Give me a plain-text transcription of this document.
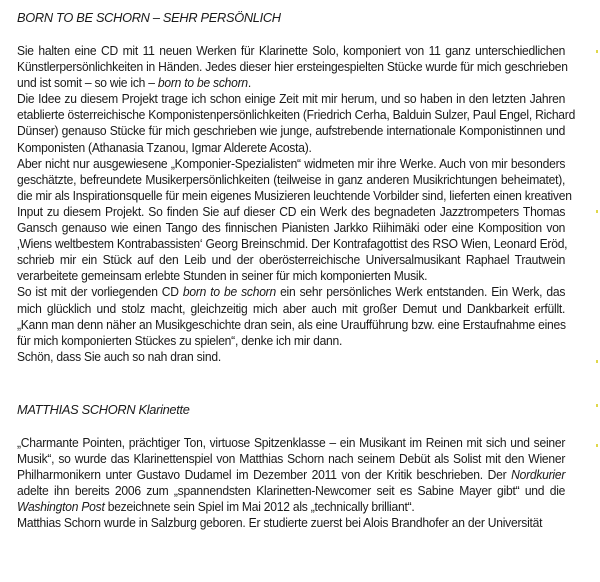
BORN TO BE SCHORN – SEHR PERSÖNLICH
Sie halten eine CD mit 11 neuen Werken für Klarinette Solo, komponiert von 11 ganz unterschiedlichen
Künstlerpersönlichkeiten in Händen. Jedes dieser hier ersteingespielten Stücke wurde für mich geschrieben
und ist somit – so wie ich – born to be schorn.
Die Idee zu diesem Projekt trage ich schon einige Zeit mit mir herum, und so haben in den letzten Jahren
etablierte österreichische Komponistenpersönlichkeiten (Friedrich Cerha, Balduin Sulzer, Paul Engel, Richard
Dünser) genauso Stücke für mich geschrieben wie junge, aufstrebende internationale Komponistinnen und
Komponisten (Athanasia Tzanou, Igmar Alderete Acosta).
Aber nicht nur ausgewiesene „Komponier-Spezialisten“ widmeten mir ihre Werke. Auch von mir besonders
geschätzte, befreundete Musikerpersönlichkeiten (teilweise in ganz anderen Musikrichtungen beheimatet),
die mir als Inspirationsquelle für mein eigenes Musizieren leuchtende Vorbilder sind, lieferten einen kreativen
Input zu diesem Projekt. So finden Sie auf dieser CD ein Werk des begnadeten Jazztrompeters Thomas
Gansch genauso wie einen Tango des finnischen Pianisten Jarkko Riihimäki oder eine Komposition von
‚Wiens weltbestem Kontrabassisten‘ Georg Breinschmid. Der Kontrafagottist des RSO Wien, Leonard Eröd,
schrieb mir ein Stück auf den Leib und der oberösterreichische Universalmusikant Raphael Trautwein
verarbeitete gemeinsam erlebte Stunden in seiner für mich komponierten Musik.
So ist mit der vorliegenden CD born to be schorn ein sehr persönliches Werk entstanden. Ein Werk, das
mich glücklich und stolz macht, gleichzeitig mich aber auch mit großer Demut und Dankbarkeit erfüllt.
„Kann man denn näher an Musikgeschichte dran sein, als eine Uraufführung bzw. eine Erstaufnahme eines
für mich komponierten Stückes zu spielen“, denke ich mir dann.
Schön, dass Sie auch so nah dran sind.
MATTHIAS SCHORN Klarinette
„Charmante Pointen, prächtiger Ton, virtuose Spitzenklasse – ein Musikant im Reinen mit sich und seiner
Musik“, so wurde das Klarinettenspiel von Matthias Schorn nach seinem Debüt als Solist mit den Wiener
Philharmonikern unter Gustavo Dudamel im Dezember 2011 von der Kritik beschrieben. Der Nordkurier
adelte ihn bereits 2006 zum „spannendsten Klarinetten-Newcomer seit es Sabine Mayer gibt“ und die
Washington Post bezeichnete sein Spiel im Mai 2012 als „technically brilliant“.
Matthias Schorn wurde in Salzburg geboren. Er studierte zuerst bei Alois Brandhofer an der Universität
